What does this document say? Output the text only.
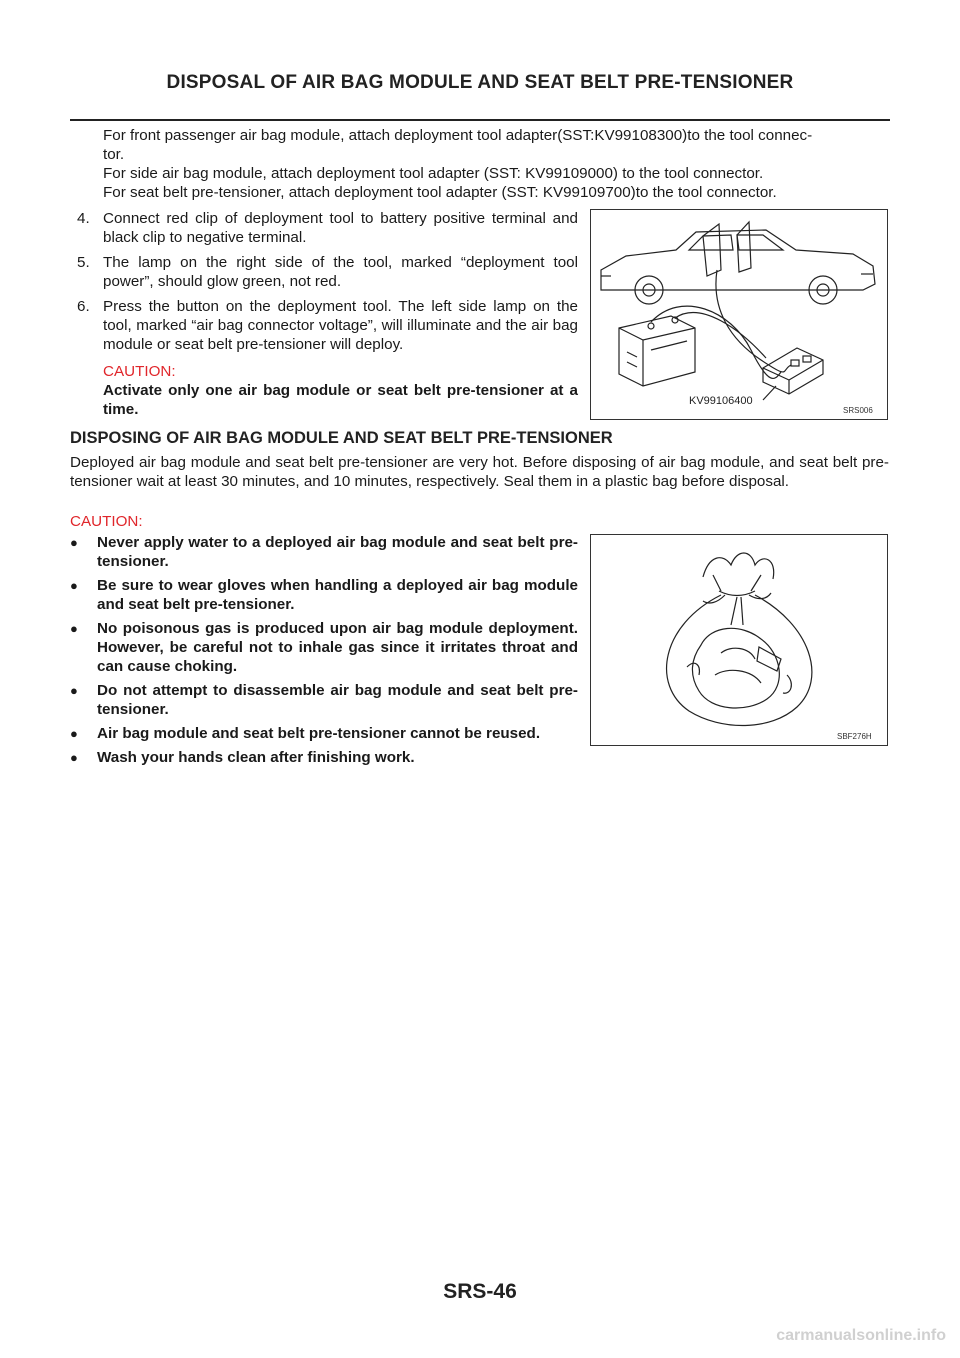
DISPOSAL OF AIR BAG MODULE AND SEAT BELT PRE-TENSIONER
For front passenger air bag module, attach deployment tool adapter(SST:KV99108300)to the tool connec-
tor.
For side air bag module, attach deployment tool adapter (SST: KV99109000) to the tool connector.
For seat belt pre-tensioner, attach deployment tool adapter (SST: KV99109700)to the tool connector.
4. Connect red clip of deployment tool to battery positive terminal and black clip to negative terminal.
5. The lamp on the right side of the tool, marked “deployment tool power”, should glow green, not red.
6. Press the button on the deployment tool. The left side lamp on the tool, marked “air bag connector voltage”, will illuminate and the air bag module or seat belt pre-tensioner will deploy.
CAUTION:
Activate only one air bag module or seat belt pre-tensioner at a time.	KV99106400
SRS006
DISPOSING OF AIR BAG MODULE AND SEAT BELT PRE-TENSIONER
Deployed air bag module and seat belt pre-tensioner are very hot. Before disposing of air bag module, and seat belt pre-tensioner wait at least 30 minutes, and 10 minutes, respectively. Seal them in a plastic bag before disposal.
CAUTION:
●	Never apply water to a deployed air bag module and seat belt pre-tensioner.
●	Be sure to wear gloves when handling a deployed air bag module and seat belt pre-tensioner.
●	No poisonous gas is produced upon air bag module deployment. However, be careful not to inhale gas since it irritates throat and can cause choking.
●	Do not attempt to disassemble air bag module and seat belt pre-tensioner.
●	Air bag module and seat belt pre-tensioner cannot be reused.
●	Wash your hands clean after finishing work.
SBF276H
SRS-46
carmanualsonline.info
